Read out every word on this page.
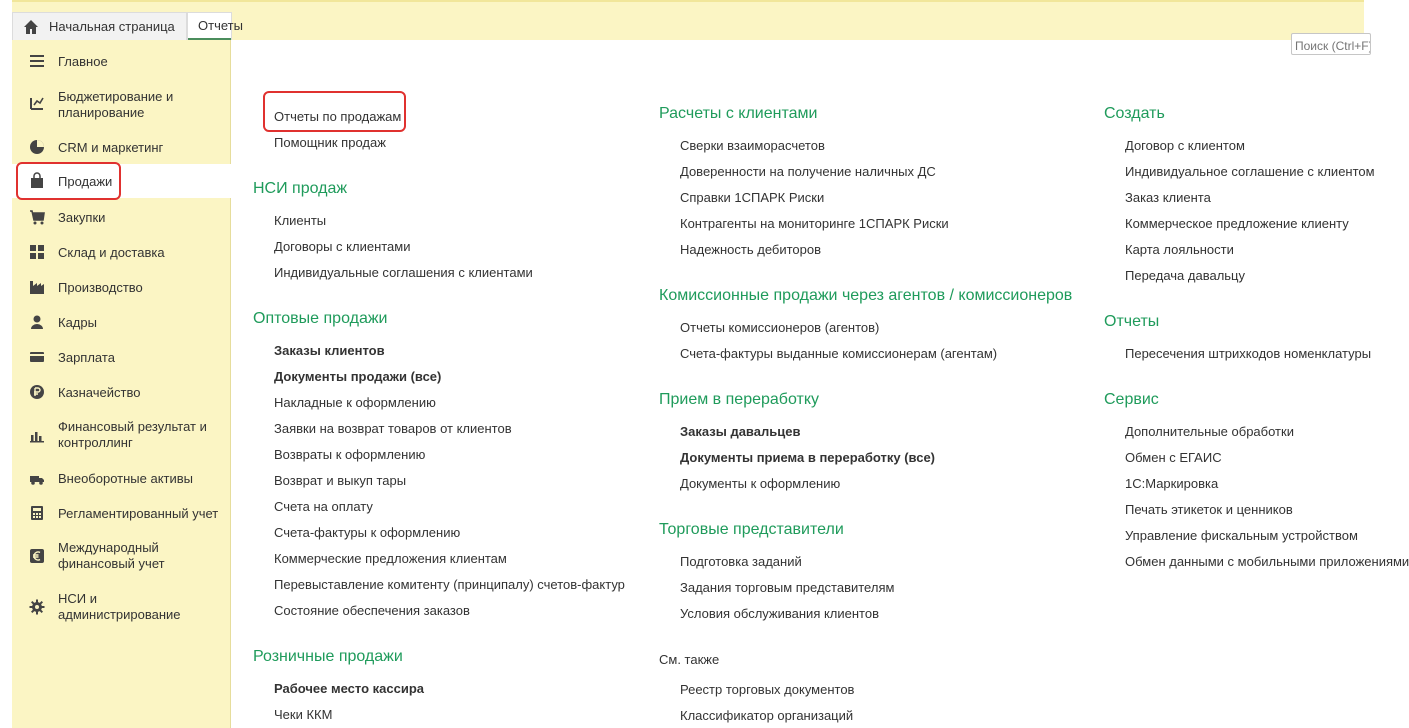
Начальная страница	Отчеты
Поиск (Ctrl+F)
Главное
Бюджетирование и
планирование
CRM и маркетинг
Продажи
Закупки
Склад и доставка
Производство
Кадры
Зарплата
Казначейство
Финансовый результат и
контроллинг
Внеоборотные активы
Регламентированный учет
Международный
финансовый учет
НСИ и
администрирование
Отчеты по продажам
Помощник продаж
НСИ продаж
Клиенты
Договоры с клиентами
Индивидуальные соглашения с клиентами
Оптовые продажи
Заказы клиентов
Документы продажи (все)
Накладные к оформлению
Заявки на возврат товаров от клиентов
Возвраты к оформлению
Возврат и выкуп тары
Счета на оплату
Счета-фактуры к оформлению
Коммерческие предложения клиентам
Перевыставление комитенту (принципалу) счетов-фактур
Состояние обеспечения заказов
Розничные продажи
Рабочее место кассира
Чеки ККМ
Расчеты с клиентами
Сверки взаиморасчетов
Доверенности на получение наличных ДС
Справки 1СПАРК Риски
Контрагенты на мониторинге 1СПАРК Риски
Надежность дебиторов
Комиссионные продажи через агентов / комиссионеров
Отчеты комиссионеров (агентов)
Счета-фактуры выданные комиссионерам (агентам)
Прием в переработку
Заказы давальцев
Документы приема в переработку (все)
Документы к оформлению
Торговые представители
Подготовка заданий
Задания торговым представителям
Условия обслуживания клиентов
См. также
Реестр торговых документов
Классификатор организаций
Создать
Договор с клиентом
Индивидуальное соглашение с клиентом
Заказ клиента
Коммерческое предложение клиенту
Карта лояльности
Передача давальцу
Отчеты
Пересечения штрихкодов номенклатуры
Сервис
Дополнительные обработки
Обмен с ЕГАИС
1С:Маркировка
Печать этикеток и ценников
Управление фискальным устройством
Обмен данными с мобильными приложениями
